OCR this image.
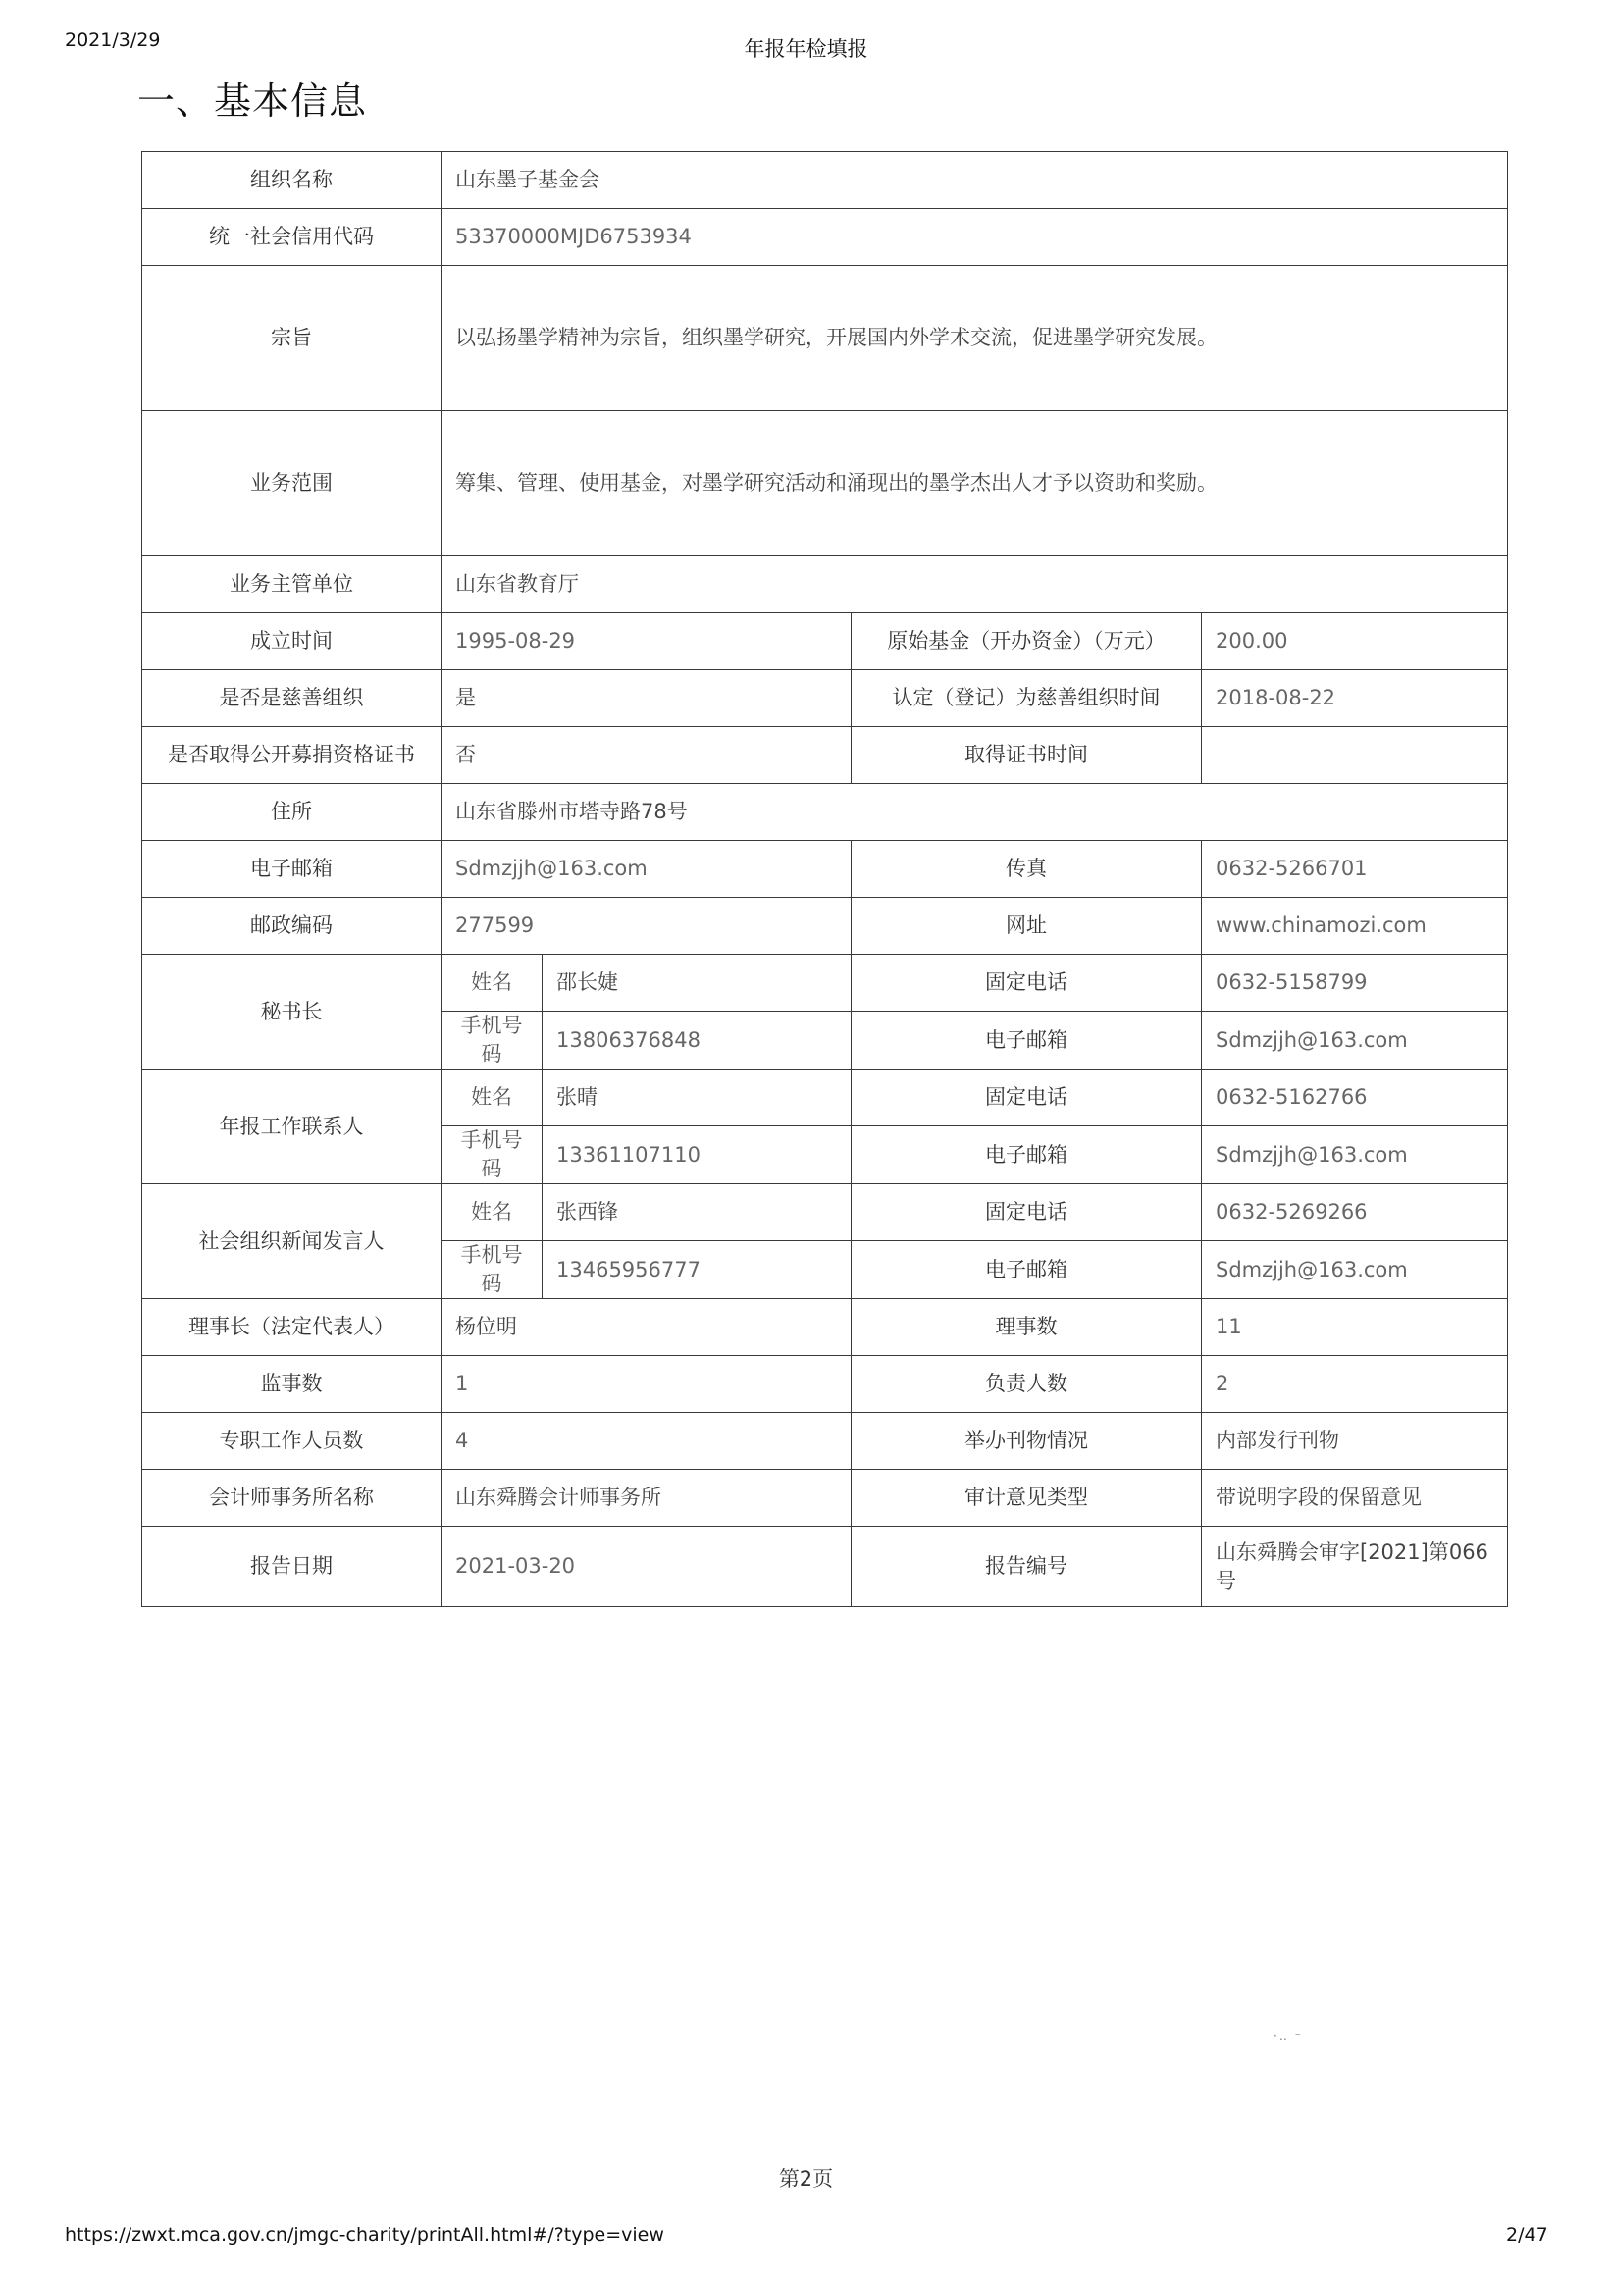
2021/3/29	年报年检填报
一、基本信息
组织名称	山东墨子基金会			
统一社会信用代码	53370000MJD6753934			
宗旨	以弘扬墨学精神为宗旨，组织墨学研究，开展国内外学术交流，促进墨学研究发展。			
业务范围	筹集、管理、使用基金，对墨学研究活动和涌现出的墨学杰出人才予以资助和奖励。			
业务主管单位	山东省教育厅			
成立时间	1995-08-29		原始基金（开办资金）（万元）	200.00
是否是慈善组织	是		认定（登记）为慈善组织时间	2018-08-22
是否取得公开募捐资格证书	否		取得证书时间	
住所	山东省滕州市塔寺路78号			
电子邮箱	Sdmzjjh@163.com		传真	0632-5266701
邮政编码	277599		网址	www.chinamozi.com
秘书长	姓名	邵长婕	固定电话	0632-5158799
	手机号码	13806376848	电子邮箱	Sdmzjjh@163.com
年报工作联系人	姓名	张晴	固定电话	0632-5162766
	手机号码	13361107110	电子邮箱	Sdmzjjh@163.com
社会组织新闻发言人	姓名	张西锋	固定电话	0632-5269266
	手机号码	13465956777	电子邮箱	Sdmzjjh@163.com
理事长（法定代表人）	杨位明		理事数	11
监事数	1		负责人数	2
专职工作人员数	4		举办刊物情况	内部发行刊物
会计师事务所名称	山东舜腾会计师事务所		审计意见类型	带说明字段的保留意见
报告日期	2021-03-20		报告编号	山东舜腾会审字[2021]第066号
·‥ ⁻
第2页
https://zwxt.mca.gov.cn/jmgc-charity/printAll.html#/?type=view	2/47
